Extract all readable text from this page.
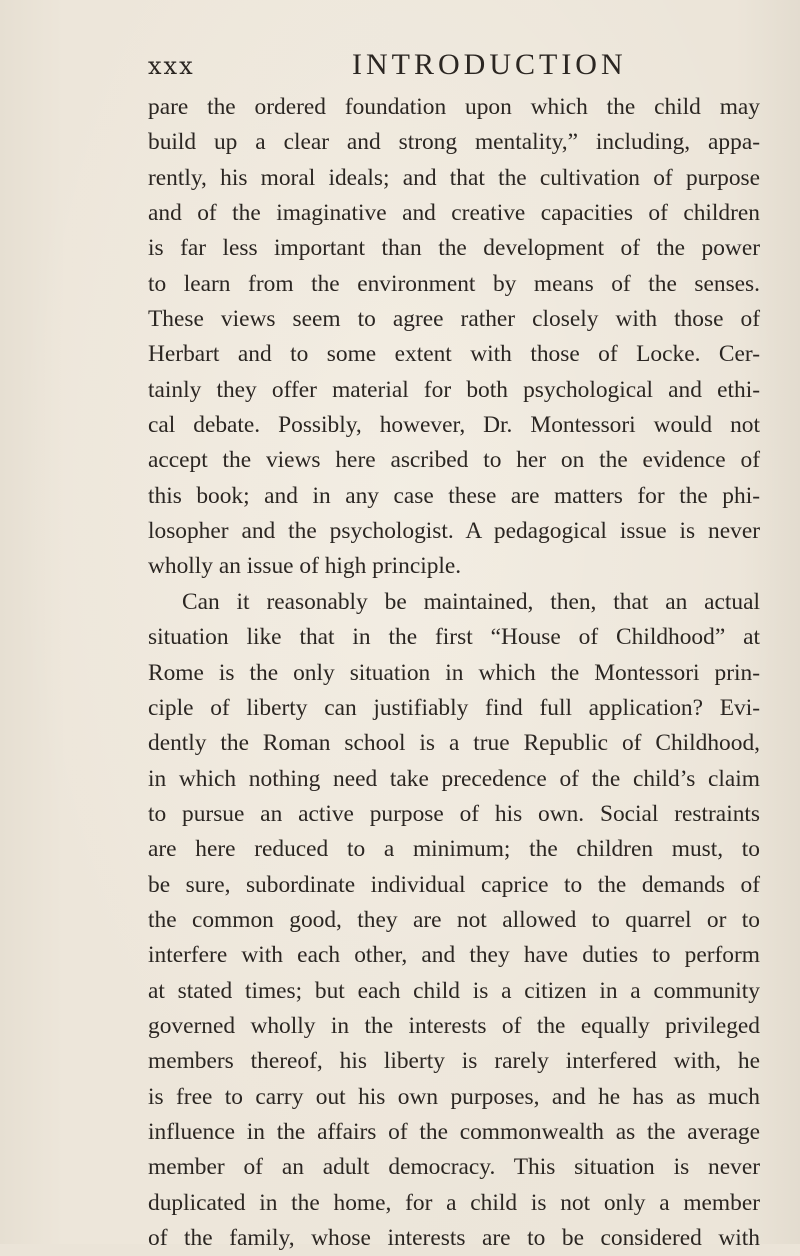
xxx	INTRODUCTION
pare the ordered foundation upon which the child may
build up a clear and strong mentality,” including, appa-
rently, his moral ideals; and that the cultivation of purpose
and of the imaginative and creative capacities of children
is far less important than the development of the power
to learn from the environment by means of the senses.
These views seem to agree rather closely with those of
Herbart and to some extent with those of Locke. Cer-
tainly they offer material for both psychological and ethi-
cal debate. Possibly, however, Dr. Montessori would not
accept the views here ascribed to her on the evidence of
this book; and in any case these are matters for the phi-
losopher and the psychologist. A pedagogical issue is never
wholly an issue of high principle.
Can it reasonably be maintained, then, that an actual
situation like that in the first “House of Childhood” at
Rome is the only situation in which the Montessori prin-
ciple of liberty can justifiably find full application? Evi-
dently the Roman school is a true Republic of Childhood,
in which nothing need take precedence of the child’s claim
to pursue an active purpose of his own. Social restraints
are here reduced to a minimum; the children must, to
be sure, subordinate individual caprice to the demands of
the common good, they are not allowed to quarrel or to
interfere with each other, and they have duties to perform
at stated times; but each child is a citizen in a community
governed wholly in the interests of the equally privileged
members thereof, his liberty is rarely interfered with, he
is free to carry out his own purposes, and he has as much
influence in the affairs of the commonwealth as the average
member of an adult democracy. This situation is never
duplicated in the home, for a child is not only a member
of the family, whose interests are to be considered with
